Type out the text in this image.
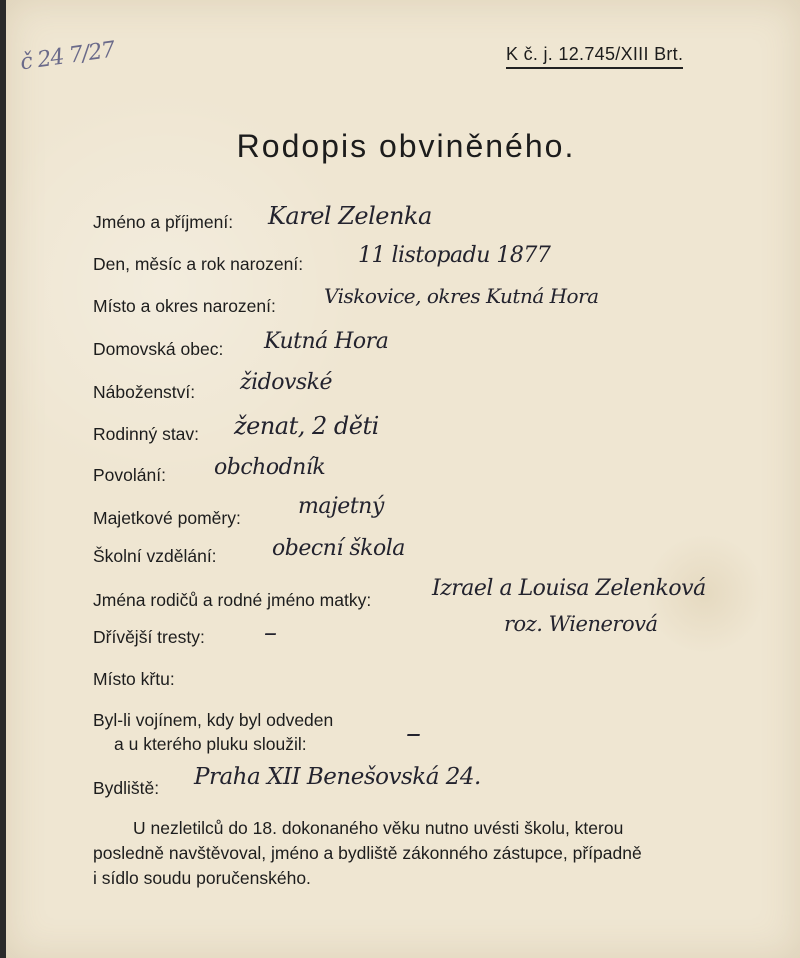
č 24 7/27	K č. j. 12.745/XIII Brt.
Rodopis obviněného.
Jméno a příjmení: Karel Zelenka
Den, měsíc a rok narození: 11 listopadu 1877
Místo a okres narození: Viskovice, okres Kutná Hora
Domovská obec: Kutná Hora
Náboženství: židovské
Rodinný stav: ženat, 2 děti
Povolání: obchodník
Majetkové poměry:	majetný
Školní vzdělání:	obecní škola
Jména rodičů a rodné jméno matky:	Izrael a Louisa Zelenková
roz. Wienerová
Dřívější tresty: –
Místo křtu:
Byl-li vojínem, kdy byl odveden
a u kterého pluku sloužil:	–
Bydliště: Praha XII Benešovská 24.

U nezletilců do 18. dokonaného věku nutno uvésti školu, kterou

posledně navštěvoval, jméno a bydliště zákonného zástupce, případně

i sídlo soudu poručenského.
